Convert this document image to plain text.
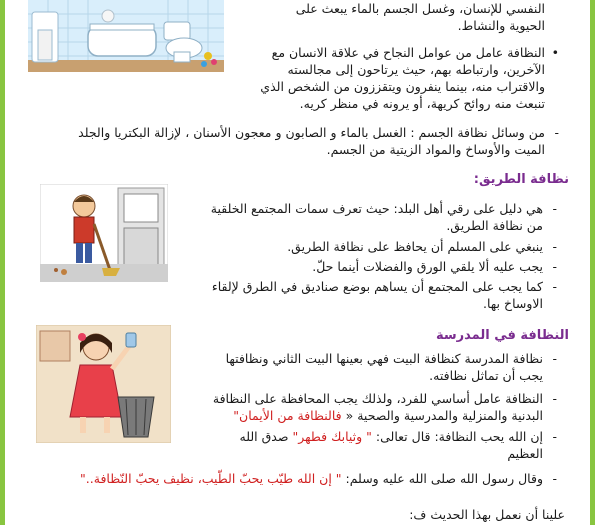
النفسي للإنسان، وغسل الجسم بالماء يبعث على
الحيوية والنشاط.
•
النظافة عامل من عوامل النجاح في علاقة الانسان مع
الآخرين، وارتباطه بهم، حيث يرتاحون إلى مجالسته
والاقتراب منه، بينما ينفرون ويتقززون من الشخص الذي
تنبعث منه روائح كريهة، أو يرونه في منظر كريه.
-
من وسائل نظافة الجسم : الغسل بالماء و الصابون و معجون الأسنان ، لإزالة البكتريا والجلد
الميت والأوساخ والمواد الزيتية من الجسم.
نظافة الطريق:
-
هي دليل على رقي أهل البلد: حيث تعرف سمات المجتمع الخلقية
من نظافة الطريق.
-
ينبغي على المسلم أن يحافظ على نظافة الطريق.
-
يجب عليه ألا يلقي الورق والفضلات أينما حلّ.
-
كما يجب على المجتمع أن يساهم بوضع صناديق في الطرق لإلقاء
الاوساخ بها.
النظافة في المدرسة
-
نظافة المدرسة كنظافة البيت فهي بعينها البيت الثاني ونظافتها
يجب أن تماثل نظافته.
-
النظافة عامل أساسي للفرد، ولذلك يجب المحافظة على النظافة
البدنية والمنزلية والمدرسية والصحية « فالنظافة من الأيمان"
-
إن الله يحب النظافة: قال تعالى: " وثيابك فطهر" صدق الله
العظيم
-
وقال رسول الله صلى الله عليه وسلم: " إن الله طيّب يحبّ الطّيب، نظيف يحبّ النّظافة.."
علينا أن نعمل بهذا الحديث ف:
